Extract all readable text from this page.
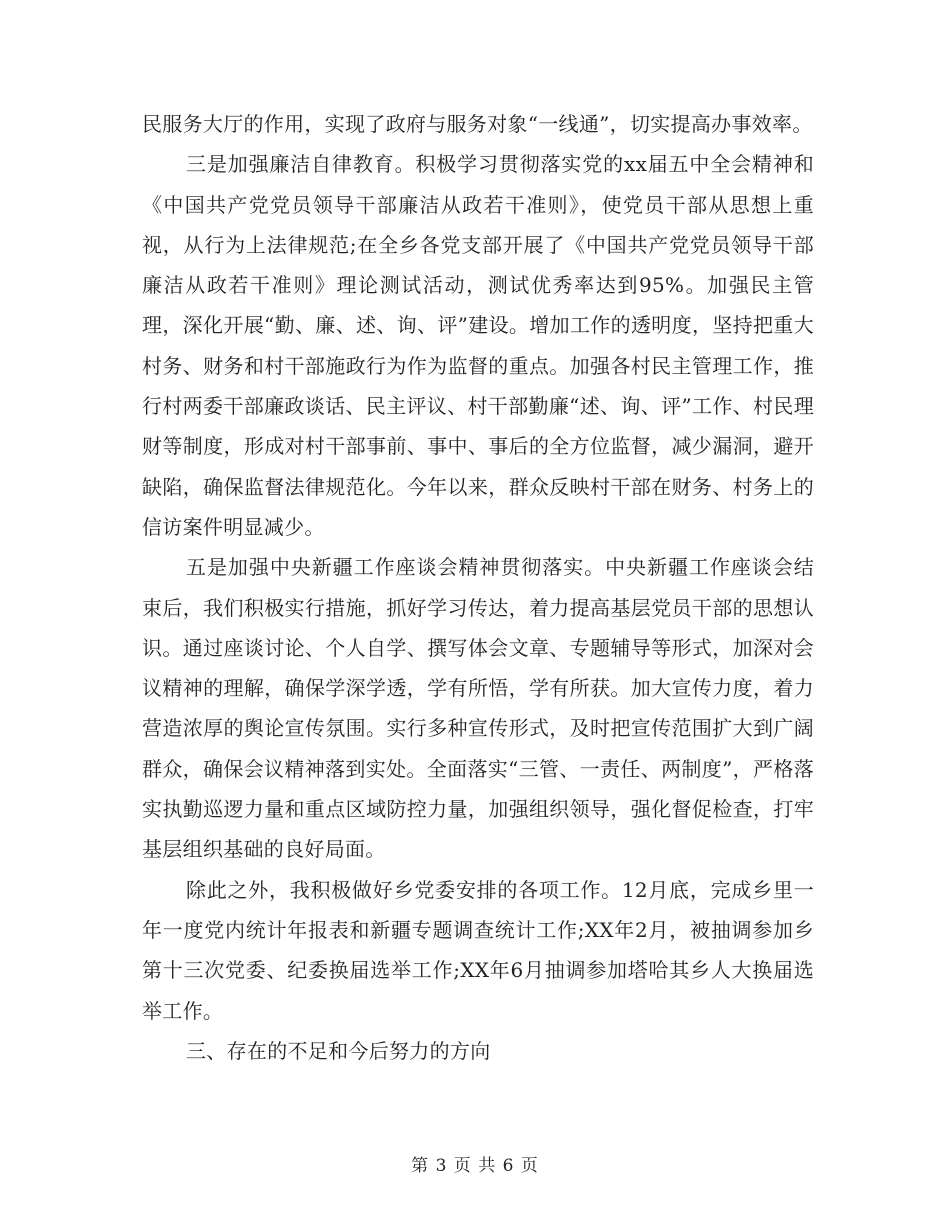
民服务大厅的作用，实现了政府与服务对象“一线通”，切实提高办事效率。

三是加强廉洁自律教育。积极学习贯彻落实党的xx届五中全会精神和《中国共产党党员领导干部廉洁从政若干准则》，使党员干部从思想上重视，从行为上法律规范;在全乡各党支部开展了《中国共产党党员领导干部廉洁从政若干准则》理论测试活动，测试优秀率达到95%。加强民主管理，深化开展“勤、廉、述、询、评”建设。增加工作的透明度，坚持把重大村务、财务和村干部施政行为作为监督的重点。加强各村民主管理工作，推行村两委干部廉政谈话、民主评议、村干部勤廉“述、询、评”工作、村民理财等制度，形成对村干部事前、事中、事后的全方位监督，减少漏洞，避开缺陷，确保监督法律规范化。今年以来，群众反映村干部在财务、村务上的信访案件明显减少。

五是加强中央新疆工作座谈会精神贯彻落实。中央新疆工作座谈会结束后，我们积极实行措施，抓好学习传达，着力提高基层党员干部的思想认识。通过座谈讨论、个人自学、撰写体会文章、专题辅导等形式，加深对会议精神的理解，确保学深学透，学有所悟，学有所获。加大宣传力度，着力营造浓厚的舆论宣传氛围。实行多种宣传形式，及时把宣传范围扩大到广阔群众，确保会议精神落到实处。全面落实“三管、一责任、两制度”，严格落实执勤巡逻力量和重点区域防控力量，加强组织领导，强化督促检查，打牢基层组织基础的良好局面。

除此之外，我积极做好乡党委安排的各项工作。12月底，完成乡里一年一度党内统计年报表和新疆专题调查统计工作;XX年2月，被抽调参加乡第十三次党委、纪委换届选举工作;XX年6月抽调参加塔哈其乡人大换届选举工作。

三、存在的不足和今后努力的方向

第 3 页 共 6 页
